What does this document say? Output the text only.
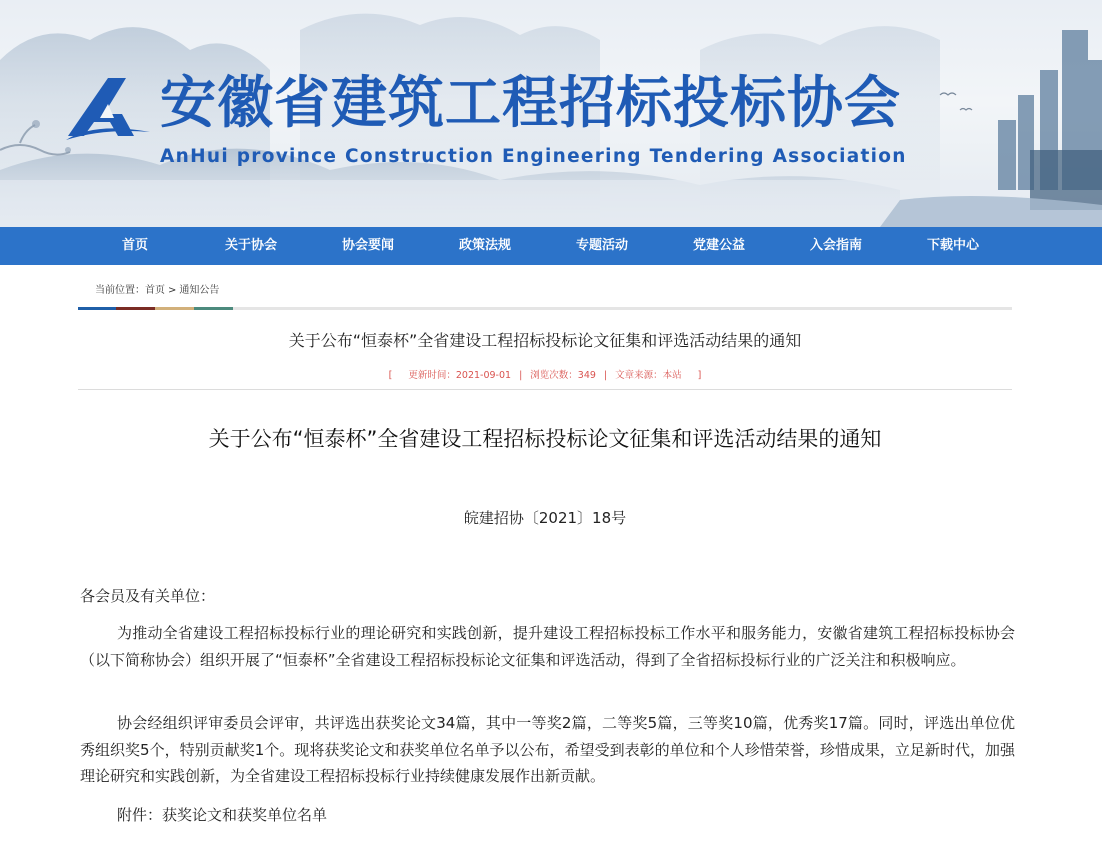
安徽省建筑工程招标投标协会
AnHui province Construction Engineering Tendering Association
首页	关于协会	协会要闻	政策法规	专题活动	党建公益	入会指南	下载中心
当前位置：首页 > 通知公告
关于公布“恒泰杯”全省建设工程招标投标论文征集和评选活动结果的通知
[ 更新时间：2021-09-01 | 浏览次数：349 | 文章来源：本站 ]
关于公布“恒泰杯”全省建设工程招标投标论文征集和评选活动结果的通知
皖建招协〔2021〕18号
各会员及有关单位：

为推动全省建设工程招标投标行业的理论研究和实践创新，提升建设工程招标投标工作水平和服务能力，安徽省建筑工程招标投标协会（以下简称协会）组织开展了“恒泰杯”全省建设工程招标投标论文征集和评选活动，得到了全省招标投标行业的广泛关注和积极响应。

协会经组织评审委员会评审，共评选出获奖论文34篇，其中一等奖2篇，二等奖5篇，三等奖10篇，优秀奖17篇。同时，评选出单位优秀组织奖5个，特别贡献奖1个。现将获奖论文和获奖单位名单予以公布，希望受到表彰的单位和个人珍惜荣誉，珍惜成果，立足新时代，加强理论研究和实践创新，为全省建设工程招标投标行业持续健康发展作出新贡献。

附件：获奖论文和获奖单位名单
